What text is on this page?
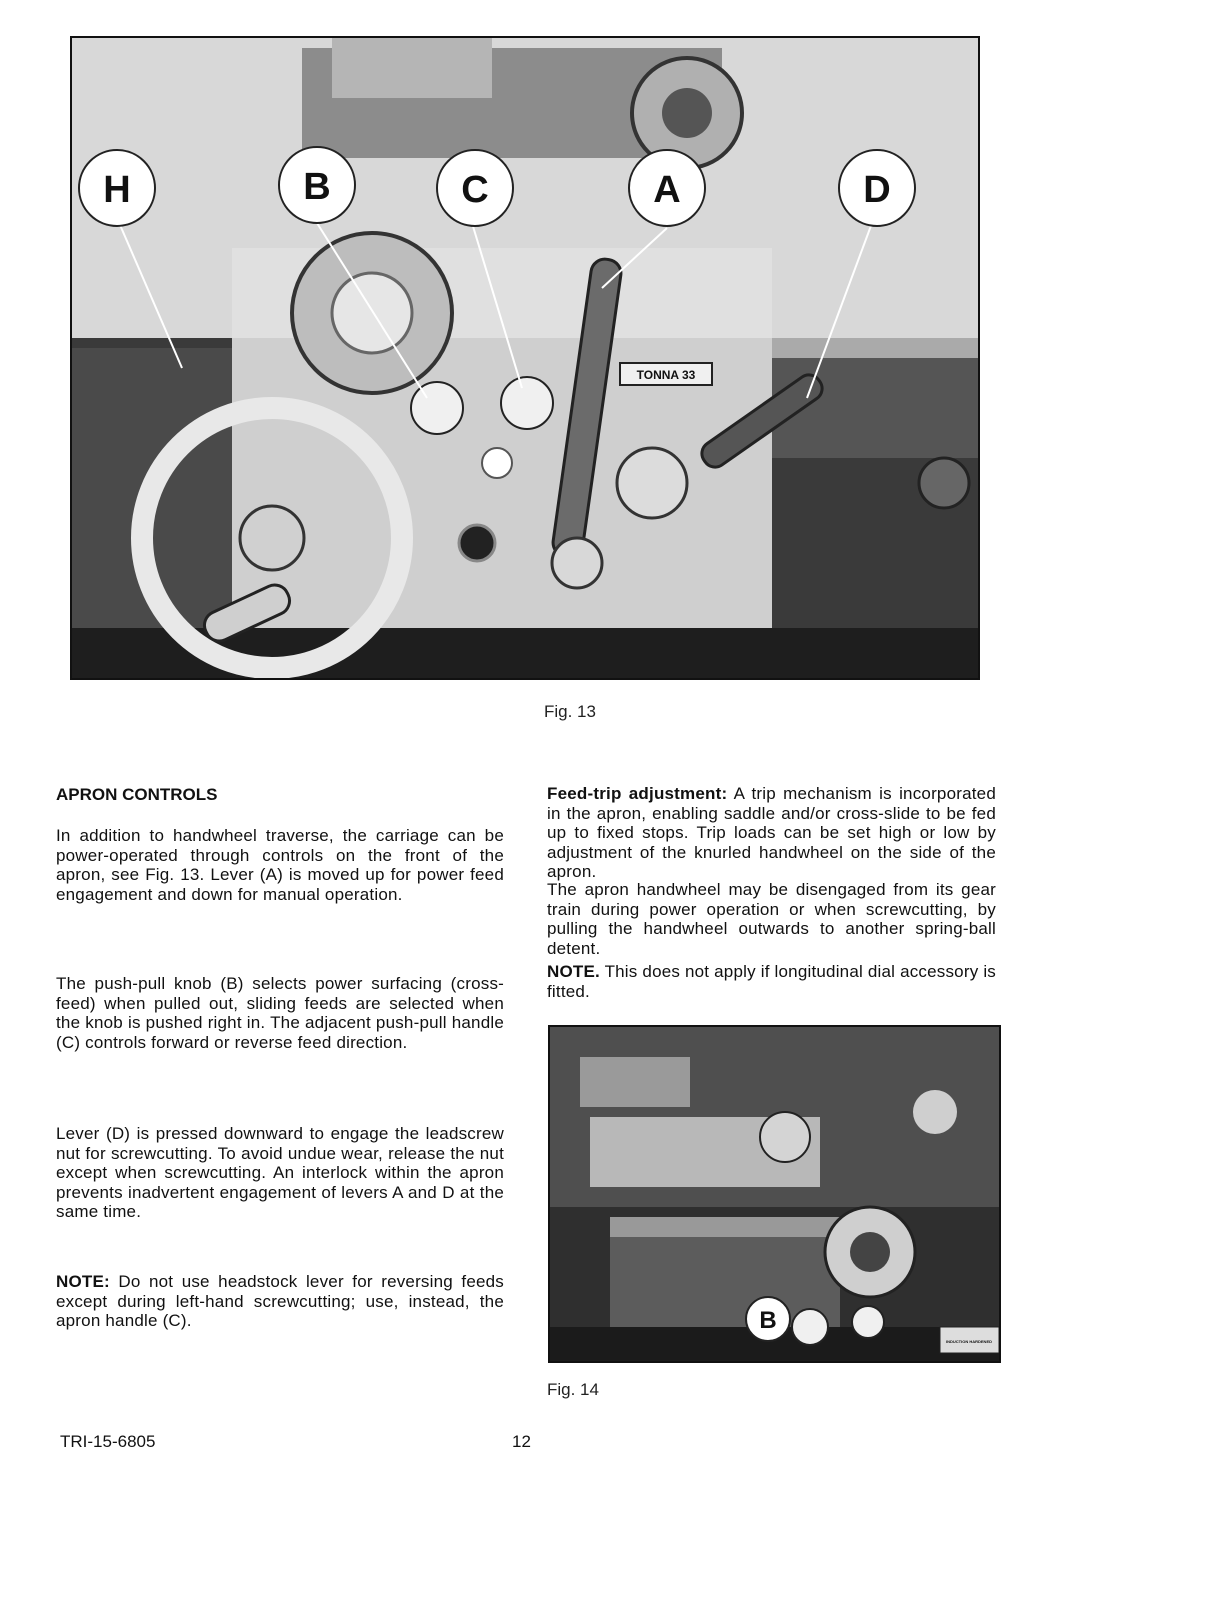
TONNA 33
H	B	C	A	D
Fig. 13
APRON CONTROLS
In addition to handwheel traverse, the carriage can be power-operated through controls on the front of the apron, see Fig. 13. Lever (A) is moved up for power feed engagement and down for manual operation.
The push-pull knob (B) selects power surfacing (cross-feed) when pulled out, sliding feeds are selected when the knob is pushed right in. The adjacent push-pull handle (C) controls forward or reverse feed direction.
Lever (D) is pressed downward to engage the leadscrew nut for screwcutting. To avoid undue wear, release the nut except when screwcutting. An interlock within the apron prevents inadvertent engagement of levers A and D at the same time.
NOTE: Do not use headstock lever for reversing feeds except during left-hand screwcutting; use, instead, the apron handle (C).
Feed-trip adjustment: A trip mechanism is incorporated in the apron, enabling saddle and/or cross-slide to be fed up to fixed stops. Trip loads can be set high or low by adjustment of the knurled handwheel on the side of the apron.
The apron handwheel may be disengaged from its gear train during power operation or when screwcutting, by pulling the handwheel outwards to another spring-ball detent.
NOTE. This does not apply if longitudinal dial accessory is fitted.
INDUCTION HARDENED
B
Fig. 14
TRI-15-6805	12
